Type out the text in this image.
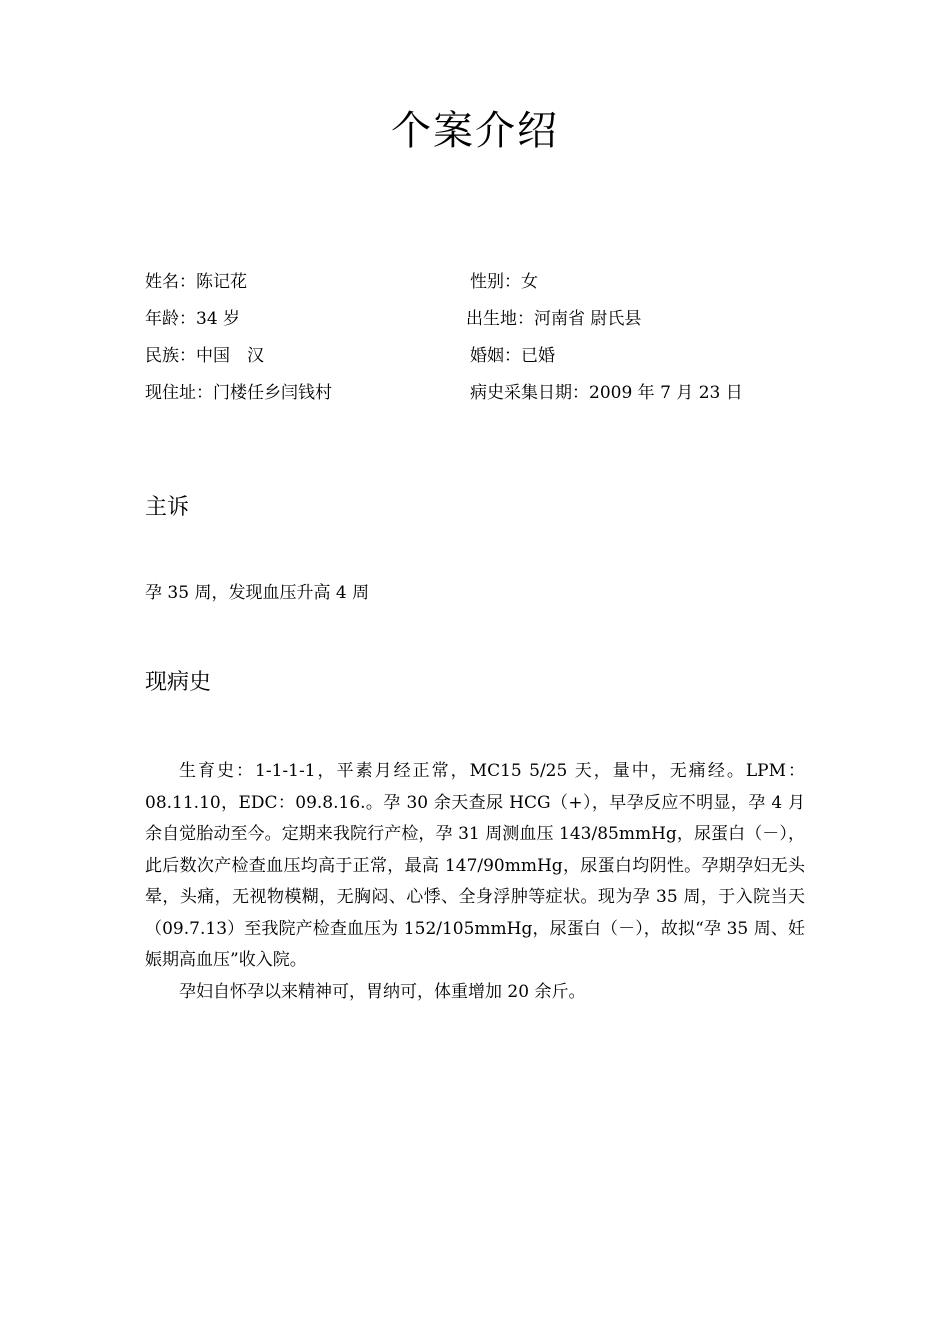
个案介绍
姓名：陈记花	性别：女
年龄：34 岁	出生地：河南省 尉氏县
民族：中国　汉	婚姻：已婚
现住址：门楼任乡闫钱村	病史采集日期：2009 年 7 月 23 日
主诉
孕 35 周，发现血压升高 4 周
现病史

生育史：1-1-1-1，平素月经正常，MC15 5/25 天，量中，无痛经。LPM：08.11.10，EDC：09.8.16.。孕 30 余天查尿 HCG（+），早孕反应不明显，孕 4 月余自觉胎动至今。定期来我院行产检，孕 31 周测血压 143/85mmHg，尿蛋白（－），此后数次产检查血压均高于正常，最高 147/90mmHg，尿蛋白均阴性。孕期孕妇无头晕，头痛，无视物模糊，无胸闷、心悸、全身浮肿等症状。现为孕 35 周，于入院当天（09.7.13）至我院产检查血压为 152/105mmHg，尿蛋白（－），故拟“孕 35 周、妊娠期高血压”收入院。

孕妇自怀孕以来精神可，胃纳可，体重增加 20 余斤。
